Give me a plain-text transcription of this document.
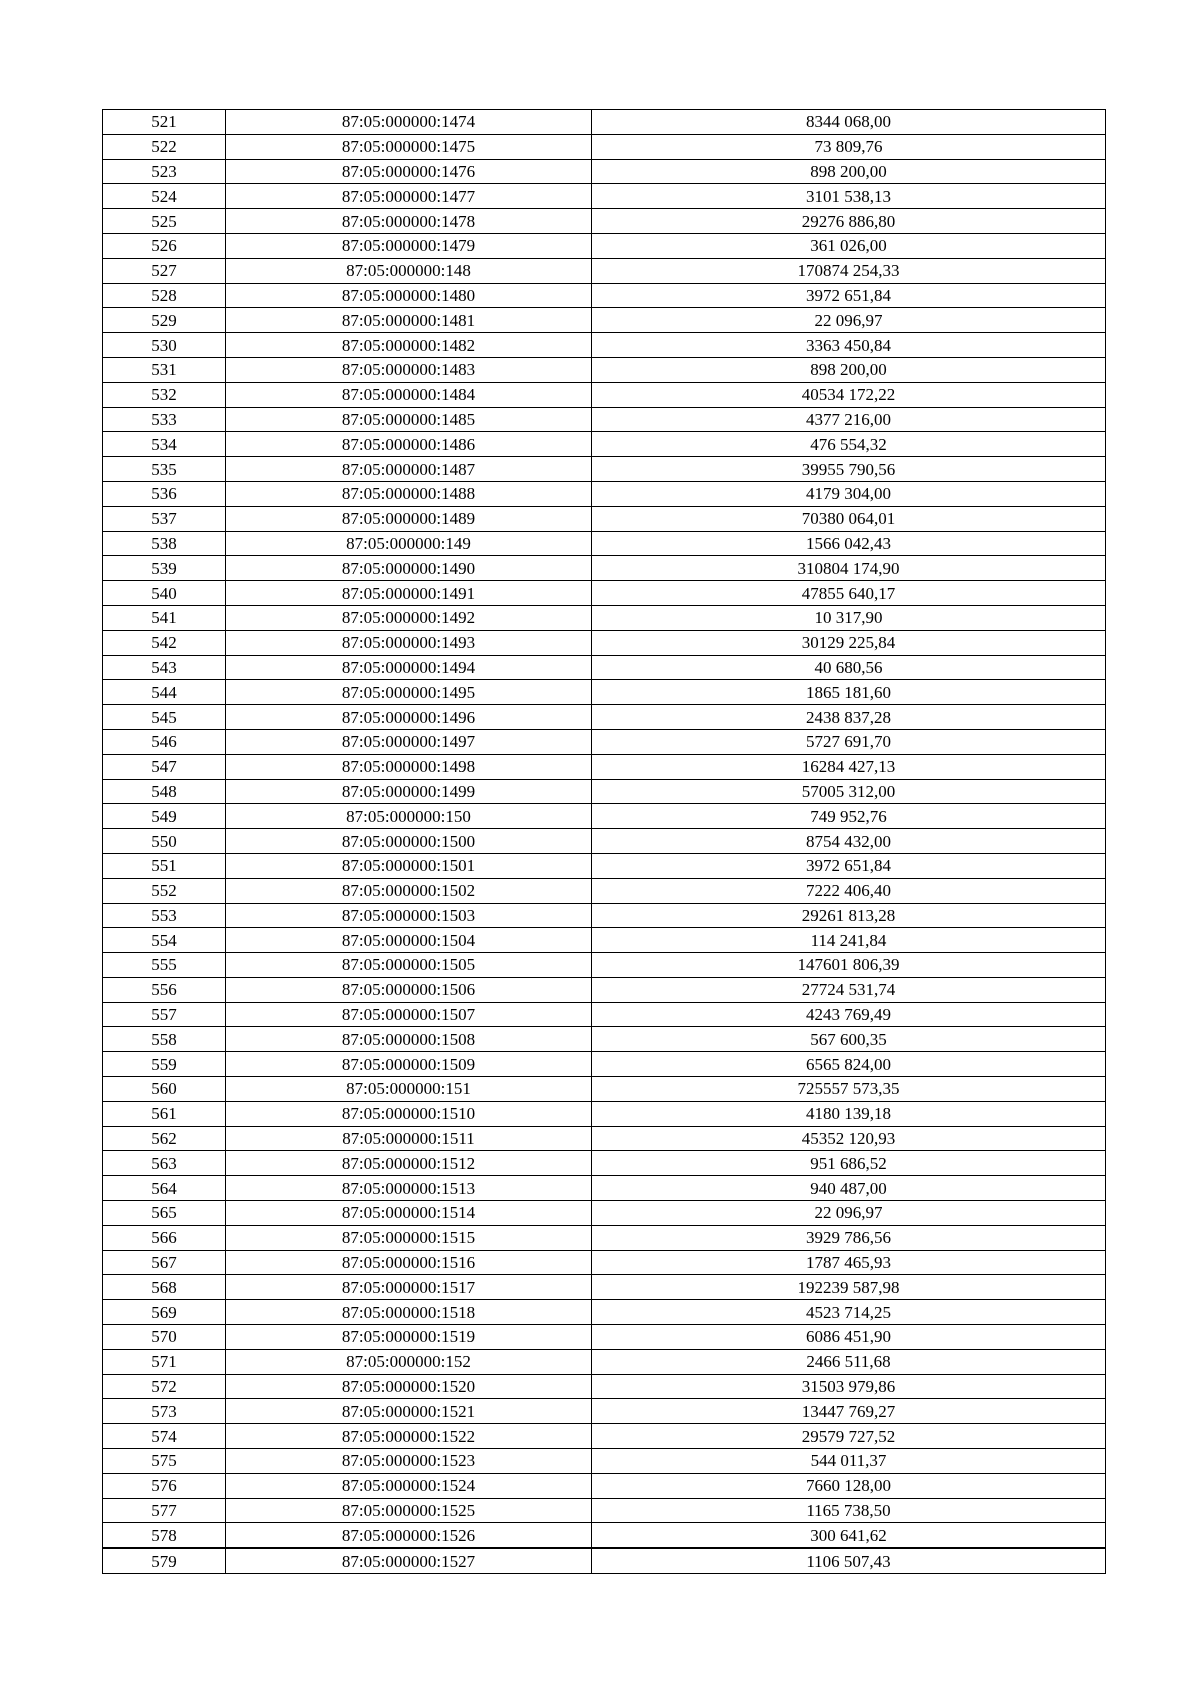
521	87:05:000000:1474	8344 068,00
522	87:05:000000:1475	73 809,76
523	87:05:000000:1476	898 200,00
524	87:05:000000:1477	3101 538,13
525	87:05:000000:1478	29276 886,80
526	87:05:000000:1479	361 026,00
527	87:05:000000:148	170874 254,33
528	87:05:000000:1480	3972 651,84
529	87:05:000000:1481	22 096,97
530	87:05:000000:1482	3363 450,84
531	87:05:000000:1483	898 200,00
532	87:05:000000:1484	40534 172,22
533	87:05:000000:1485	4377 216,00
534	87:05:000000:1486	476 554,32
535	87:05:000000:1487	39955 790,56
536	87:05:000000:1488	4179 304,00
537	87:05:000000:1489	70380 064,01
538	87:05:000000:149	1566 042,43
539	87:05:000000:1490	310804 174,90
540	87:05:000000:1491	47855 640,17
541	87:05:000000:1492	10 317,90
542	87:05:000000:1493	30129 225,84
543	87:05:000000:1494	40 680,56
544	87:05:000000:1495	1865 181,60
545	87:05:000000:1496	2438 837,28
546	87:05:000000:1497	5727 691,70
547	87:05:000000:1498	16284 427,13
548	87:05:000000:1499	57005 312,00
549	87:05:000000:150	749 952,76
550	87:05:000000:1500	8754 432,00
551	87:05:000000:1501	3972 651,84
552	87:05:000000:1502	7222 406,40
553	87:05:000000:1503	29261 813,28
554	87:05:000000:1504	114 241,84
555	87:05:000000:1505	147601 806,39
556	87:05:000000:1506	27724 531,74
557	87:05:000000:1507	4243 769,49
558	87:05:000000:1508	567 600,35
559	87:05:000000:1509	6565 824,00
560	87:05:000000:151	725557 573,35
561	87:05:000000:1510	4180 139,18
562	87:05:000000:1511	45352 120,93
563	87:05:000000:1512	951 686,52
564	87:05:000000:1513	940 487,00
565	87:05:000000:1514	22 096,97
566	87:05:000000:1515	3929 786,56
567	87:05:000000:1516	1787 465,93
568	87:05:000000:1517	192239 587,98
569	87:05:000000:1518	4523 714,25
570	87:05:000000:1519	6086 451,90
571	87:05:000000:152	2466 511,68
572	87:05:000000:1520	31503 979,86
573	87:05:000000:1521	13447 769,27
574	87:05:000000:1522	29579 727,52
575	87:05:000000:1523	544 011,37
576	87:05:000000:1524	7660 128,00
577	87:05:000000:1525	1165 738,50
578	87:05:000000:1526	300 641,62
579	87:05:000000:1527	1106 507,43
